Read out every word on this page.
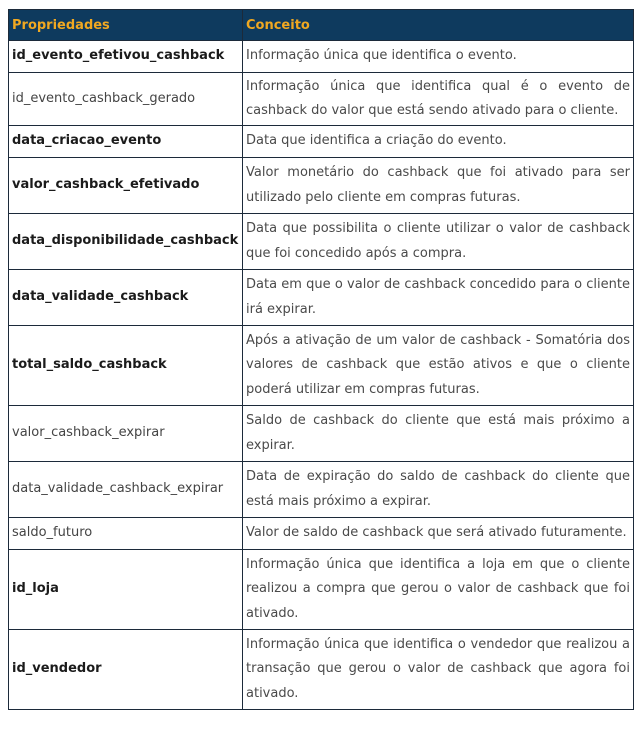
Propriedades	Conceito
id_evento_efetivou_cashback	Informação única que identifica o evento.
id_evento_cashback_gerado	Informação única que identifica qual é o evento de cashback do valor que está sendo ativado para o cliente.
data_criacao_evento	Data que identifica a criação do evento.
valor_cashback_efetivado	Valor monetário do cashback que foi ativado para ser utilizado pelo cliente em compras futuras.
data_disponibilidade_cashback	Data que possibilita o cliente utilizar o valor de cashback que foi concedido após a compra.
data_validade_cashback	Data em que o valor de cashback concedido para o cliente irá expirar.
total_saldo_cashback	Após a ativação de um valor de cashback - Somatória dos valores de cashback que estão ativos e que o cliente poderá utilizar em compras futuras.
valor_cashback_expirar	Saldo de cashback do cliente que está mais próximo a expirar.
data_validade_cashback_expirar	Data de expiração do saldo de cashback do cliente que está mais próximo a expirar.
saldo_futuro	Valor de saldo de cashback que será ativado futuramente.
id_loja	Informação única que identifica a loja em que o cliente realizou a compra que gerou o valor de cashback que foi ativado.
id_vendedor	Informação única que identifica o vendedor que realizou a transação que gerou o valor de cashback que agora foi ativado.
